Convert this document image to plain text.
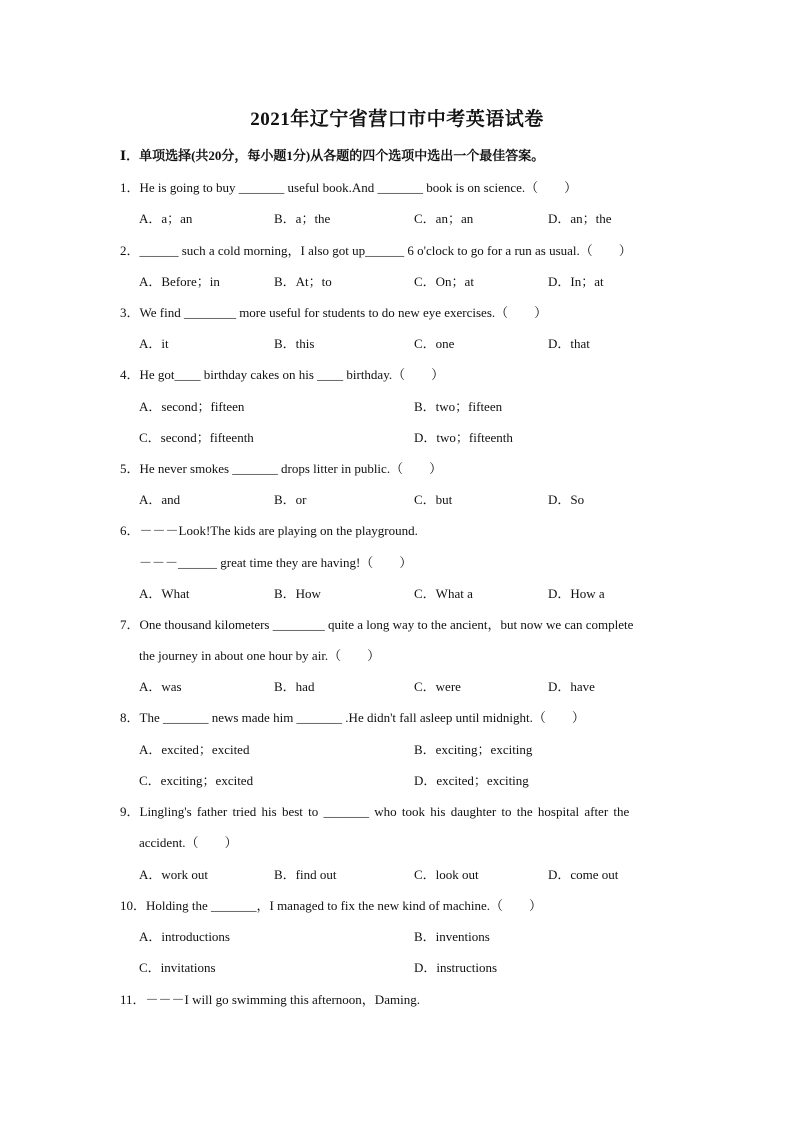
2021年辽宁省营口市中考英语试卷
Ⅰ．单项选择(共20分，每小题1分)从各题的四个选项中选出一个最佳答案。
1．He is going to buy _______ useful book.And _______ book is on science.（　　）
A．a；an	B．a；the	C．an；an	D．an；the
2．______ such a cold morning，I also got up______ 6 o'clock to go for a run as usual.（　　）
A．Before；in	B．At；to	C．On；at	D．In；at
3．We find ________ more useful for students to do new eye exercises.（　　）
A．it	B．this	C．one	D．that
4．He got____ birthday cakes on his ____ birthday.（　　）
A．second；fifteen	B．two；fifteen
C．second；fifteenth	D．two；fifteenth
5．He never smokes _______ drops litter in public.（　　）
A．and	B．or	C．but	D．So
6．－－－Look!The kids are playing on the playground.
－－－______ great time they are having!（　　）
A．What	B．How	C．What a	D．How a
7．One thousand kilometers ________ quite a long way to the ancient，but now we can complete
the journey in about one hour by air.（　　）
A．was	B．had	C．were	D．have
8．The _______ news made him _______ .He didn't fall asleep until midnight.（　　）
A．excited；excited	B．exciting；exciting
C．exciting；excited	D．excited；exciting
9．Lingling's father tried his best to _______ who took his daughter to the hospital after the
accident.（　　）
A．work out	B．find out	C．look out	D．come out
10．Holding the _______，I managed to fix the new kind of machine.（　　）
A．introductions	B．inventions
C．invitations	D．instructions
11．－－－I will go swimming this afternoon，Daming.
